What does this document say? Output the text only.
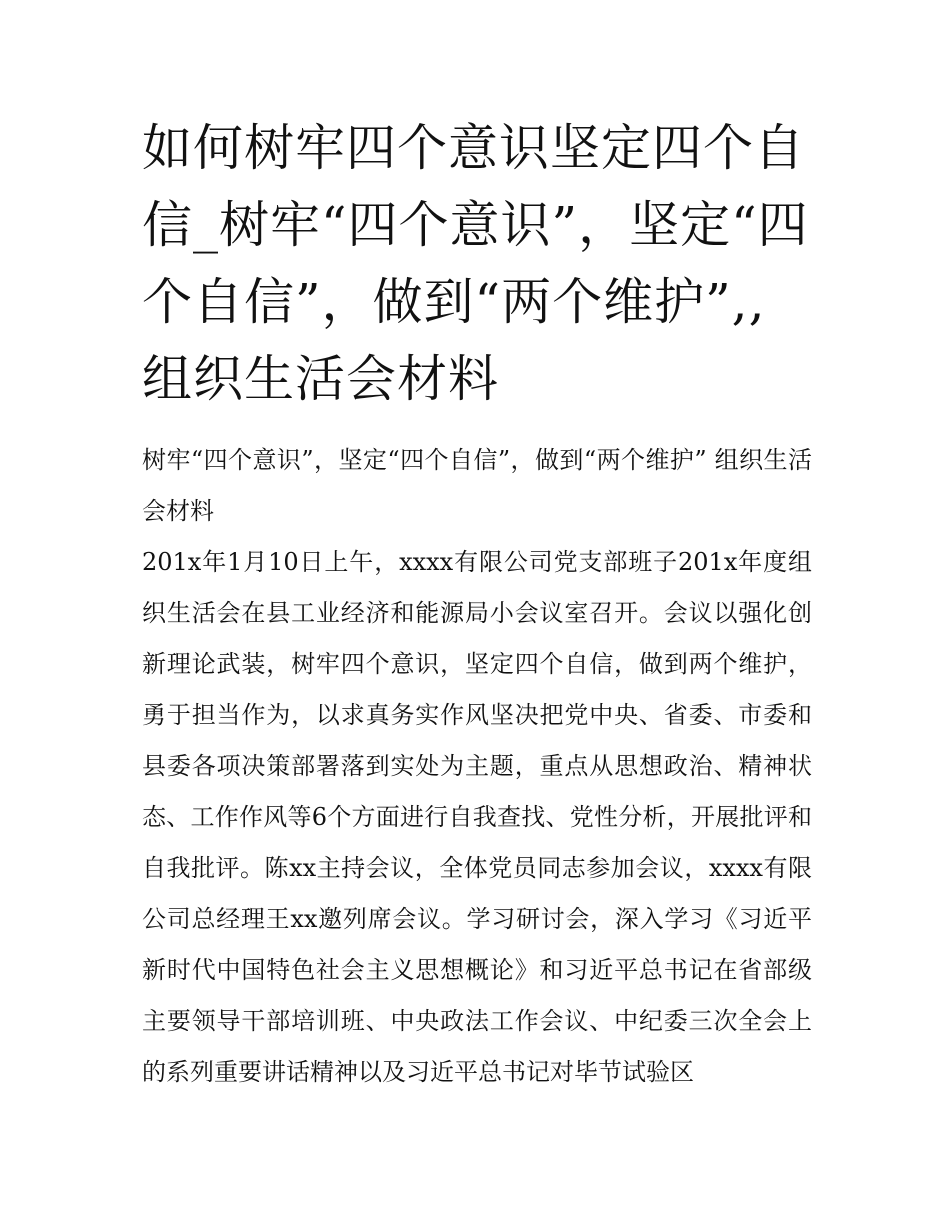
如何树牢四个意识坚定四个自信_树牢“四个意识”，坚定“四个自信”，做到“两个维护”,,组织生活会材料

树牢“四个意识”，坚定“四个自信”，做到“两个维护” 组织生活会材料

201x年1月10日上午，xxxx有限公司党支部班子201x年度组织生活会在县工业经济和能源局小会议室召开。会议以强化创新理论武装，树牢四个意识，坚定四个自信，做到两个维护，勇于担当作为，以求真务实作风坚决把党中央、省委、市委和县委各项决策部署落到实处为主题，重点从思想政治、精神状态、工作作风等6个方面进行自我查找、党性分析，开展批评和自我批评。陈xx主持会议，全体党员同志参加会议，xxxx有限公司总经理王xx邀列席会议。学习研讨会，深入学习《习近平新时代中国特色社会主义思想概论》和习近平总书记在省部级主要领导干部培训班、中央政法工作会议、中纪委三次全会上的系列重要讲话精神以及习近平总书记对毕节试验区
